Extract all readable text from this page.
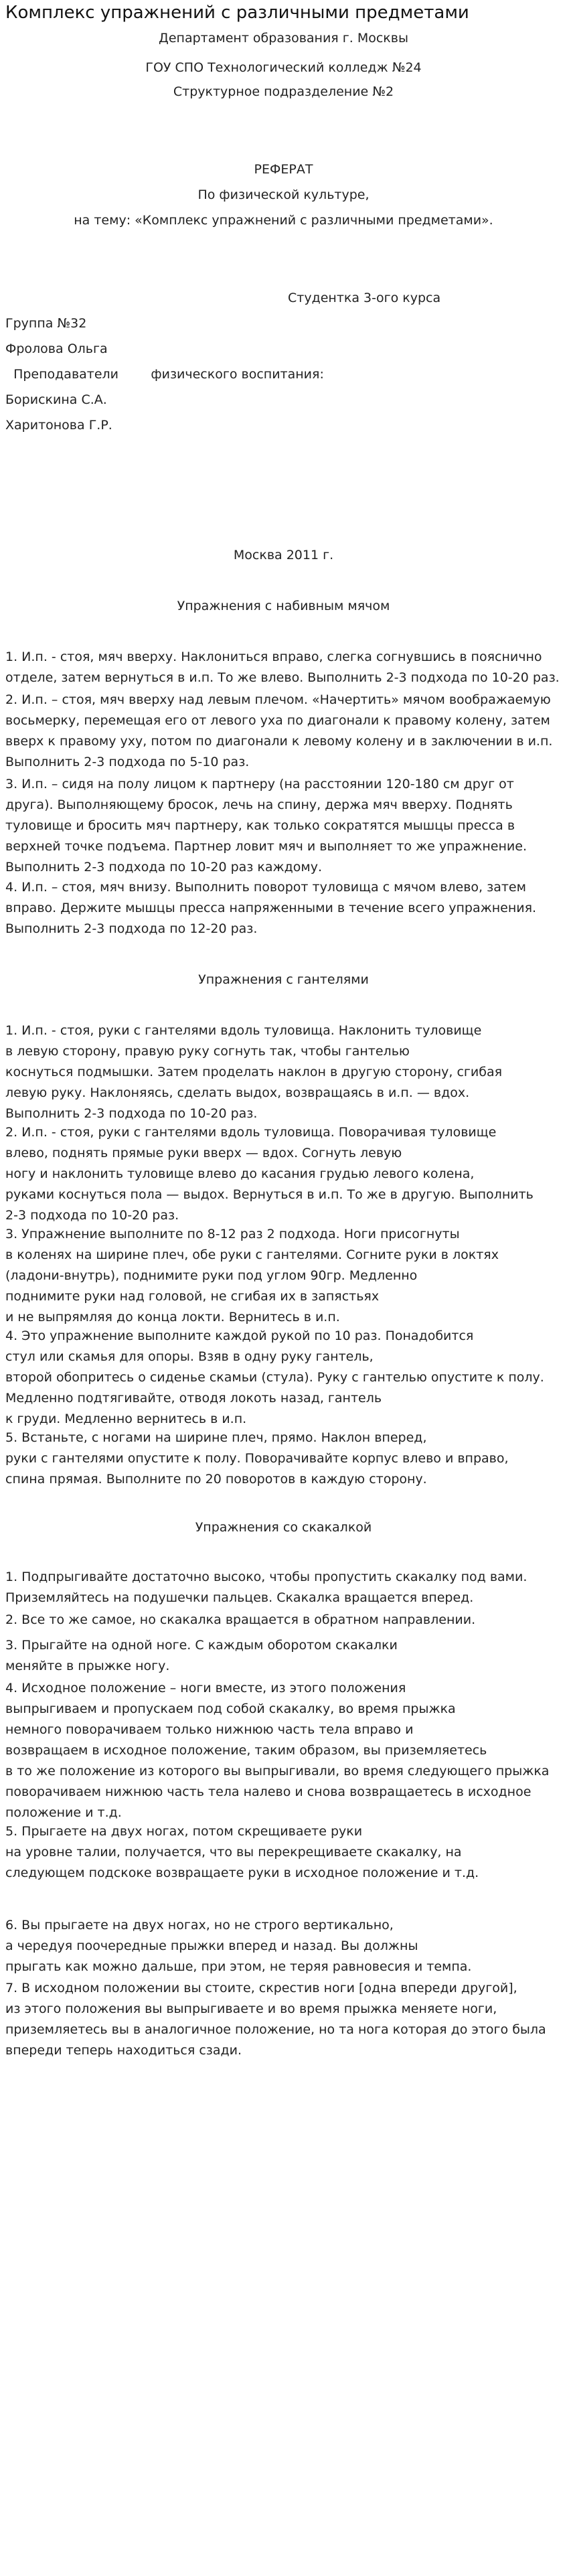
Комплекс упражнений с различными предметами
Департамент образования г. Москвы
ГОУ СПО Технологический колледж №24
Структурное подразделение №2
РЕФЕРАТ
По физической культуре,
на тему: «Комплекс упражнений с различными предметами».
Студентка 3-ого курса
Группа №32
Фролова Ольга
Преподаватели        физического воспитания:
Борискина С.А.
Харитонова Г.Р.
Москва 2011 г.
Упражнения с набивным мячом
1. И.п. - стоя, мяч вверху. Наклониться вправо, слегка согнувшись в пояснично
отделе, затем вернуться в и.п. То же влево. Выполнить 2-3 подхода по 10-20 раз.
2. И.п. – стоя, мяч вверху над левым плечом. «Начертить» мячом воображаемую
восьмерку, перемещая его от левого уха по диагонали к правому колену, затем
вверх к правому уху, потом по диагонали к левому колену и в заключении в и.п.
Выполнить 2-3 подхода по 5-10 раз.
3. И.п. – сидя на полу лицом к партнеру (на расстоянии 120-180 см друг от
друга). Выполняющему бросок, лечь на спину, держа мяч вверху. Поднять
туловище и бросить мяч партнеру, как только сократятся мышцы пресса в
верхней точке подъема. Партнер ловит мяч и выполняет то же упражнение.
Выполнить 2-3 подхода по 10-20 раз каждому.
4. И.п. – стоя, мяч внизу. Выполнить поворот туловища с мячом влево, затем
вправо. Держите мышцы пресса напряженными в течение всего упражнения.
Выполнить 2-3 подхода по 12-20 раз.
Упражнения с гантелями
1. И.п. - стоя, руки с гантелями вдоль туловища. Наклонить туловище
в левую сторону, правую руку согнуть так, чтобы гантелью
коснуться подмышки. Затем проделать наклон в другую сторону, сгибая
левую руку. Наклоняясь, сделать выдох, возвращаясь в и.п. — вдох.
Выполнить 2-3 подхода по 10-20 раз.
2. И.п. - стоя, руки с гантелями вдоль туловища. Поворачивая туловище
влево, поднять прямые руки вверх — вдох. Согнуть левую
ногу и наклонить туловище влево до касания грудью левого колена,
руками коснуться пола — выдох. Вернуться в и.п. То же в другую. Выполнить
2-3 подхода по 10-20 раз.
3. Упражнение выполните по 8-12 раз 2 подхода. Ноги присогнуты
в коленях на ширине плеч, обе руки с гантелями. Согните руки в локтях
(ладони-внутрь), поднимите руки под углом 90гр. Медленно
поднимите руки над головой, не сгибая их в запястьях
и не выпрямляя до конца локти. Вернитесь в и.п.
4. Это упражнение выполните каждой рукой по 10 раз. Понадобится
стул или скамья для опоры. Взяв в одну руку гантель,
второй обопритесь о сиденье скамьи (стула). Руку с гантелью опустите к полу.
Медленно подтягивайте, отводя локоть назад, гантель
к груди. Медленно вернитесь в и.п.
5. Встаньте, с ногами на ширине плеч, прямо. Наклон вперед,
руки с гантелями опустите к полу. Поворачивайте корпус влево и вправо,
спина прямая. Выполните по 20 поворотов в каждую сторону.
Упражнения со скакалкой
1. Подпрыгивайте достаточно высоко, чтобы пропустить скакалку под вами.
Приземляйтесь на подушечки пальцев. Скакалка вращается вперед.
2. Все то же самое, но скакалка вращается в обратном направлении.
3. Прыгайте на одной ноге. С каждым оборотом скакалки
меняйте в прыжке ногу.
4. Исходное положение – ноги вместе, из этого положения
выпрыгиваем и пропускаем под собой скакалку, во время прыжка
немного поворачиваем только нижнюю часть тела вправо и
возвращаем в исходное положение, таким образом, вы приземляетесь
в то же положение из которого вы выпрыгивали, во время следующего прыжка
поворачиваем нижнюю часть тела налево и снова возвращаетесь в исходное
положение и т.д.
5. Прыгаете на двух ногах, потом скрещиваете руки
на уровне талии, получается, что вы перекрещиваете скакалку, на
следующем подскоке возвращаете руки в исходное положение и т.д.
6. Вы прыгаете на двух ногах, но не строго вертикально,
а чередуя поочередные прыжки вперед и назад. Вы должны
прыгать как можно дальше, при этом, не теряя равновесия и темпа.
7. В исходном положении вы стоите, скрестив ноги [одна впереди другой],
из этого положения вы выпрыгиваете и во время прыжка меняете ноги,
приземляетесь вы в аналогичное положение, но та нога которая до этого была
впереди теперь находиться сзади.
